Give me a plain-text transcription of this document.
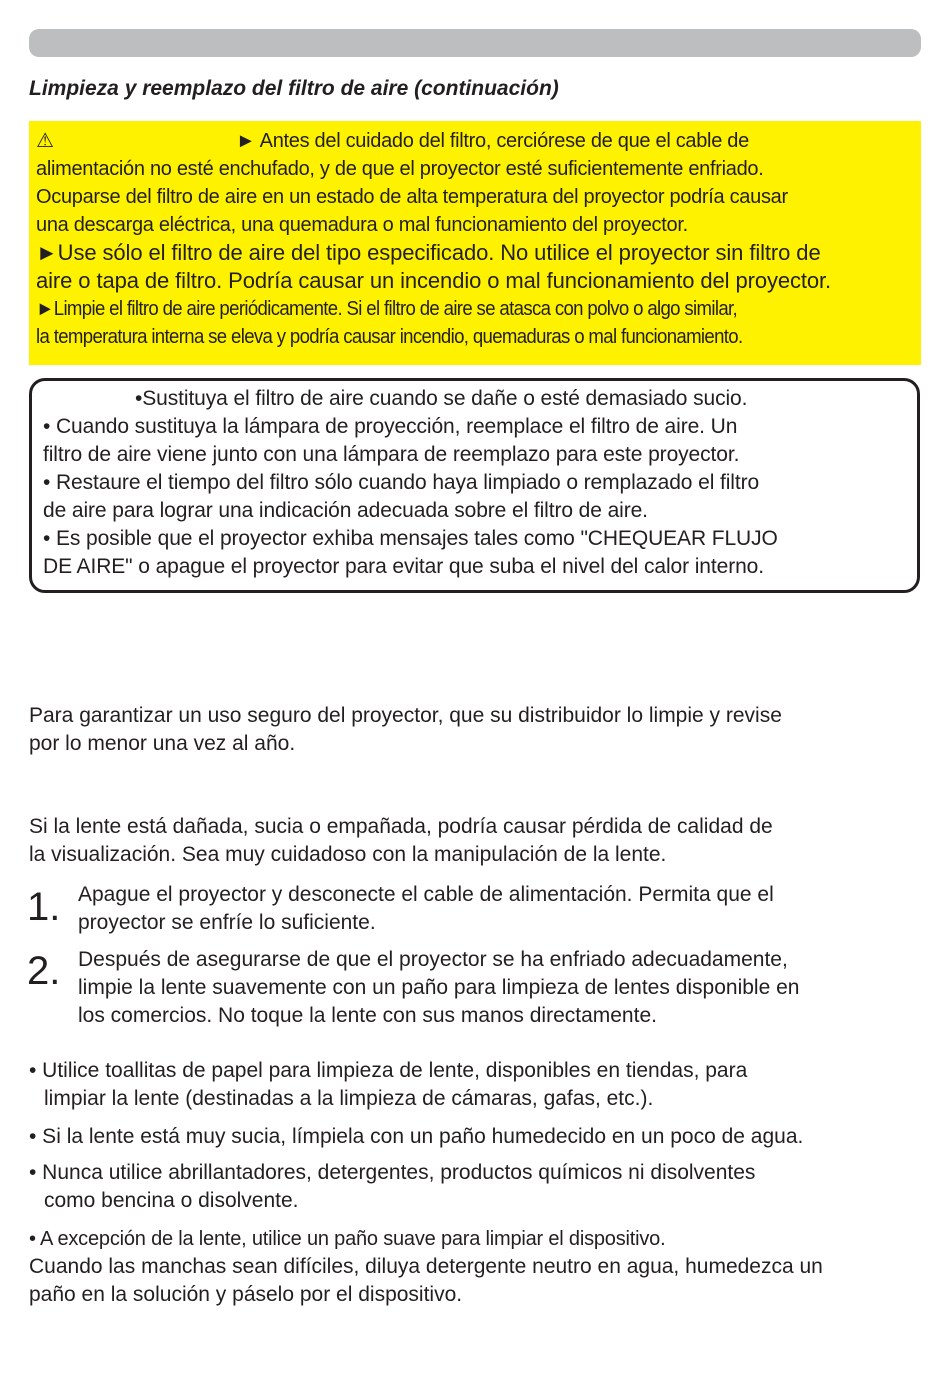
Limpieza y reemplazo del filtro de aire (continuación)

⚠	► Antes del cuidado del filtro, cerciórese de que el cable de

alimentación no esté enchufado, y de que el proyector esté suficientemente enfriado.

Ocuparse del filtro de aire en un estado de alta temperatura del proyector podría causar

una descarga eléctrica, una quemadura o mal funcionamiento del proyector.

►Use sólo el filtro de aire del tipo especificado. No utilice el proyector sin filtro de

aire o tapa de filtro. Podría causar un incendio o mal funcionamiento del proyector.

►Limpie el filtro de aire periódicamente. Si el filtro de aire se atasca con polvo o algo similar,

la temperatura interna se eleva y podría causar incendio, quemaduras o mal funcionamiento.

•Sustituya el filtro de aire cuando se dañe o esté demasiado sucio.

• Cuando sustituya la lámpara de proyección, reemplace el filtro de aire. Un

filtro de aire viene junto con una lámpara de reemplazo para este proyector.

• Restaure el tiempo del filtro sólo cuando haya limpiado o remplazado el filtro

de aire para lograr una indicación adecuada sobre el filtro de aire.

• Es posible que el proyector exhiba mensajes tales como "CHEQUEAR FLUJO

DE AIRE" o apague el proyector para evitar que suba el nivel del calor interno.

Para garantizar un uso seguro del proyector, que su distribuidor lo limpie y revise
por lo menor una vez al año.

Si la lente está dañada, sucia o empañada, podría causar pérdida de calidad de
la visualización. Sea muy cuidadoso con la manipulación de la lente.

1. Apague el proyector y desconecte el cable de alimentación. Permita que el
proyector se enfríe lo suficiente.

2. Después de asegurarse de que el proyector se ha enfriado adecuadamente,
limpie la lente suavemente con un paño para limpieza de lentes disponible en
los comercios. No toque la lente con sus manos directamente.

• Utilice toallitas de papel para limpieza de lente, disponibles en tiendas, para
limpiar la lente (destinadas a la limpieza de cámaras, gafas, etc.).

• Si la lente está muy sucia, límpiela con un paño humedecido en un poco de agua.

• Nunca utilice abrillantadores, detergentes, productos químicos ni disolventes
como bencina o disolvente.

• A excepción de la lente, utilice un paño suave para limpiar el dispositivo.
Cuando las manchas sean difíciles, diluya detergente neutro en agua, humedezca un
paño en la solución y páselo por el dispositivo.
